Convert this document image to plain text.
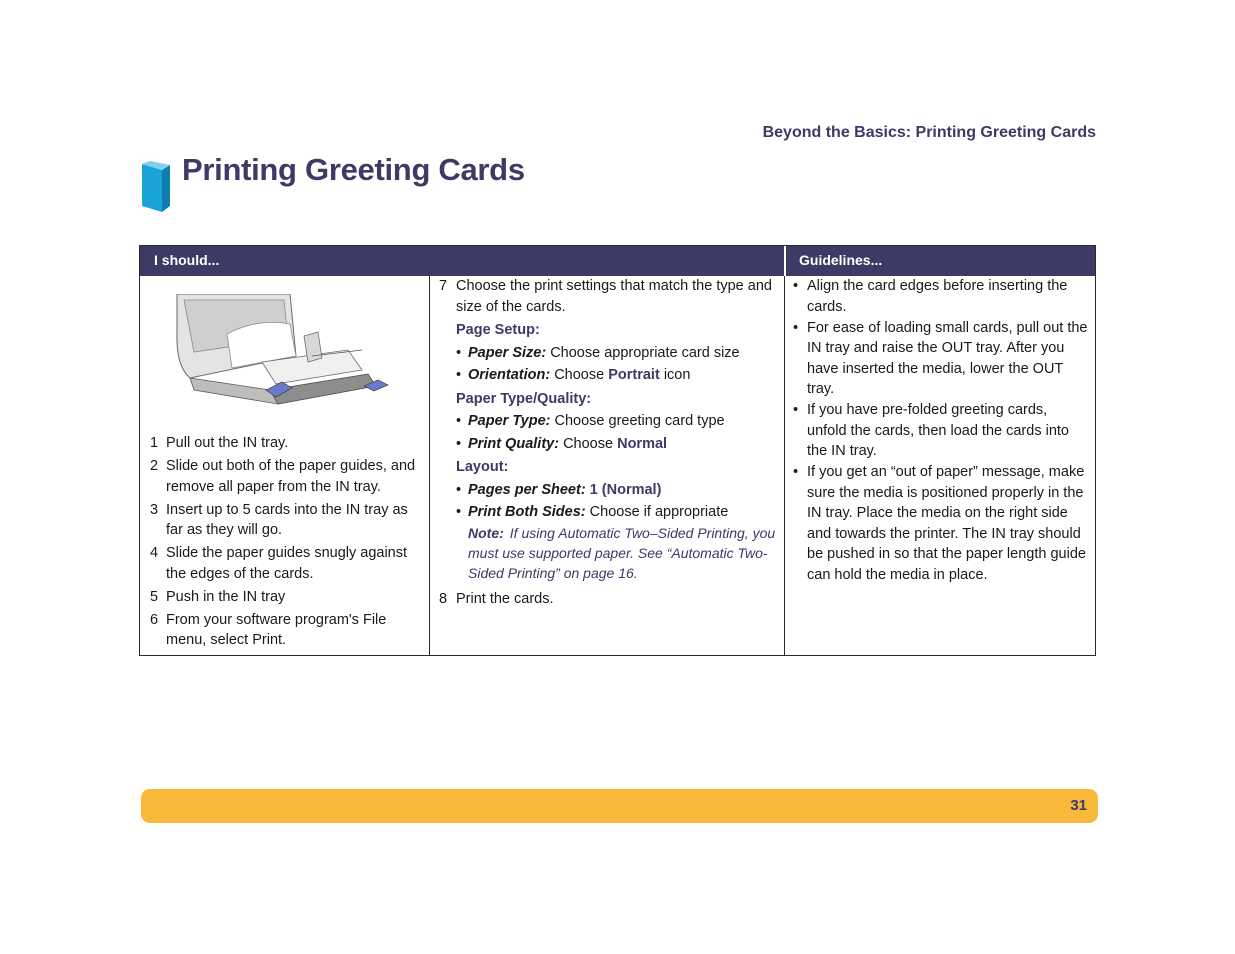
Beyond the Basics: Printing Greeting Cards
Printing Greeting Cards
I should...	Guidelines...
1 Pull out the IN tray.
2 Slide out both of the paper guides, and remove all paper from the IN tray.
3 Insert up to 5 cards into the IN tray as far as they will go.
4 Slide the paper guides snugly against the edges of the cards.
5 Push in the IN tray
6 From your software program's File menu, select Print.
7 Choose the print settings that match the type and size of the cards.
Page Setup:
• Paper Size: Choose appropriate card size
• Orientation: Choose Portrait icon
Paper Type/Quality:
• Paper Type: Choose greeting card type
• Print Quality: Choose Normal
Layout:
• Pages per Sheet: 1 (Normal)
• Print Both Sides: Choose if appropriate
Note: If using Automatic Two–Sided Printing, you must use supported paper. See “Automatic Two-Sided Printing” on page 16.
8 Print the cards.
• Align the card edges before inserting the cards.
• For ease of loading small cards, pull out the IN tray and raise the OUT tray. After you have inserted the media, lower the OUT tray.
• If you have pre-folded greeting cards, unfold the cards, then load the cards into the IN tray.
• If you get an “out of paper” message, make sure the media is positioned properly in the IN tray. Place the media on the right side and towards the printer. The IN tray should be pushed in so that the paper length guide can hold the media in place.
31
